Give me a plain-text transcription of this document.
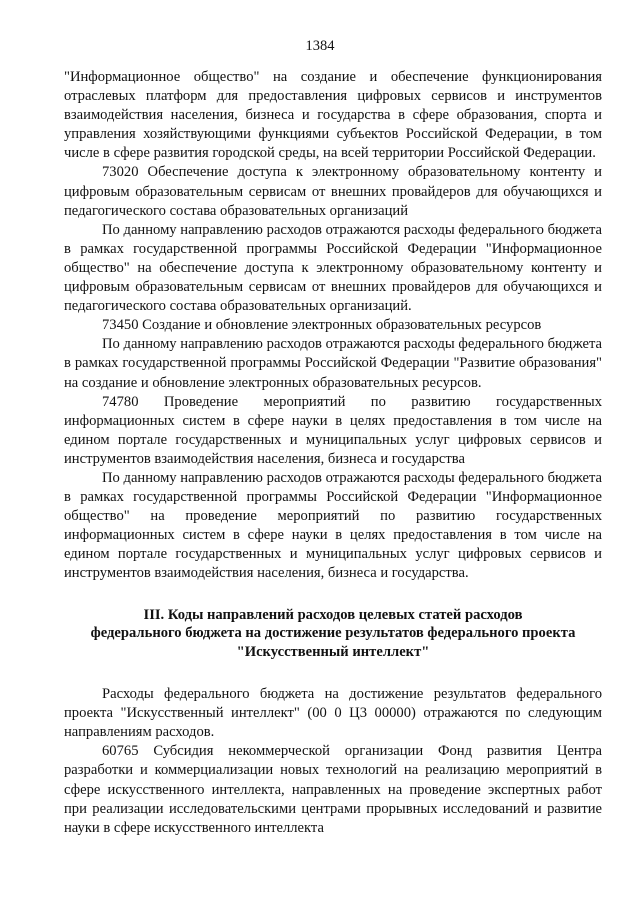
1384

"Информационное общество" на создание и обеспечение функционирования отраслевых платформ для предоставления цифровых сервисов и инструментов взаимодействия населения, бизнеса и государства в сфере образования, спорта и управления хозяйствующими функциями субъектов Российской Федерации, в том числе в сфере развития городской среды, на всей территории Российской Федерации.

73020 Обеспечение доступа к электронному образовательному контенту и цифровым образовательным сервисам от внешних провайдеров для обучающихся и педагогического состава образовательных организаций

По данному направлению расходов отражаются расходы федерального бюджета в рамках государственной программы Российской Федерации "Информационное общество" на обеспечение доступа к электронному образовательному контенту и цифровым образовательным сервисам от внешних провайдеров для обучающихся и педагогического состава образовательных организаций.

73450 Создание и обновление электронных образовательных ресурсов

По данному направлению расходов отражаются расходы федерального бюджета в рамках государственной программы Российской Федерации "Развитие образования" на создание и обновление электронных образовательных ресурсов.

74780 Проведение мероприятий по развитию государственных информационных систем в сфере науки в целях предоставления в том числе на едином портале государственных и муниципальных услуг цифровых сервисов и инструментов взаимодействия населения, бизнеса и государства

По данному направлению расходов отражаются расходы федерального бюджета в рамках государственной программы Российской Федерации "Информационное общество" на проведение мероприятий по развитию государственных информационных систем в сфере науки в целях предоставления в том числе на едином портале государственных и муниципальных услуг цифровых сервисов и инструментов взаимодействия населения, бизнеса и государства.

III. Коды направлений расходов целевых статей расходов
федерального бюджета на достижение результатов федерального проекта
"Искусственный интеллект"

Расходы федерального бюджета на достижение результатов федерального проекта "Искусственный интеллект" (00 0 Ц3 00000) отражаются по следующим направлениям расходов.

60765 Субсидия некоммерческой организации Фонд развития Центра разработки и коммерциализации новых технологий на реализацию мероприятий в сфере искусственного интеллекта, направленных на проведение экспертных работ при реализации исследовательскими центрами прорывных исследований и развитие науки в сфере искусственного интеллекта
